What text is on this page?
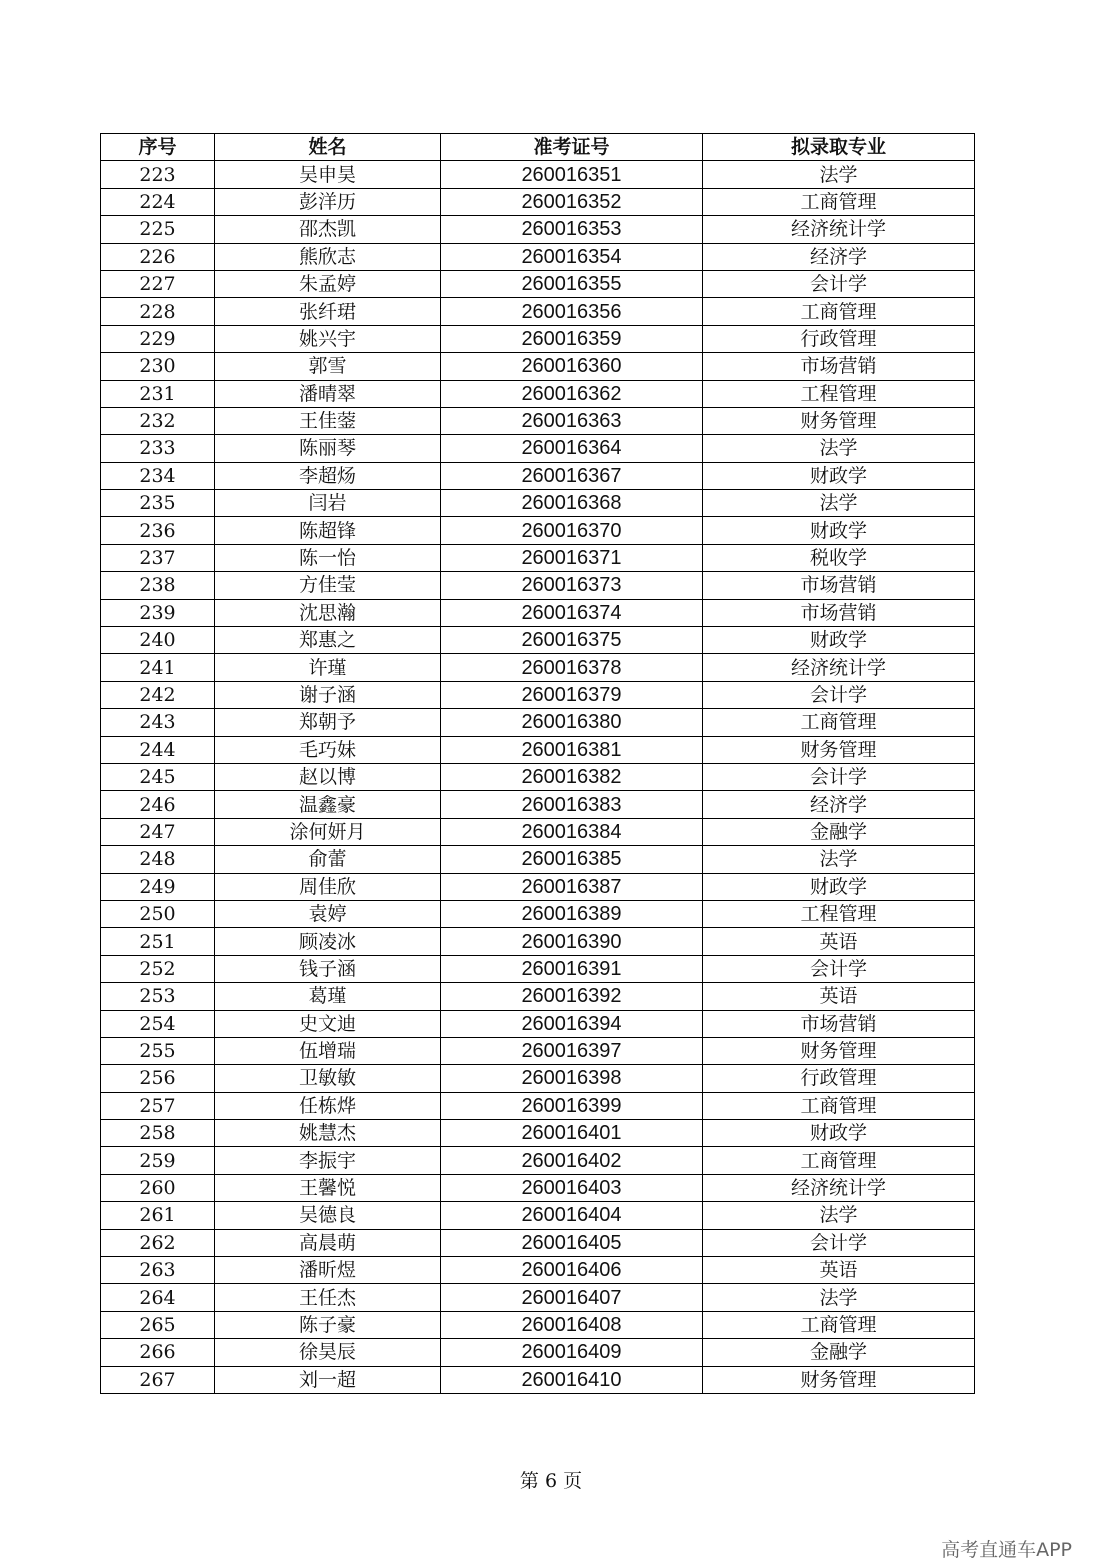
序号	姓名	准考证号	拟录取专业
223	吴申昊	260016351	法学
224	彭洋历	260016352	工商管理
225	邵杰凯	260016353	经济统计学
226	熊欣志	260016354	经济学
227	朱孟婷	260016355	会计学
228	张纤珺	260016356	工商管理
229	姚兴宇	260016359	行政管理
230	郭雪	260016360	市场营销
231	潘晴翠	260016362	工程管理
232	王佳蓥	260016363	财务管理
233	陈丽琴	260016364	法学
234	李超炀	260016367	财政学
235	闫岩	260016368	法学
236	陈超锋	260016370	财政学
237	陈一怡	260016371	税收学
238	方佳莹	260016373	市场营销
239	沈思瀚	260016374	市场营销
240	郑惠之	260016375	财政学
241	许瑾	260016378	经济统计学
242	谢子涵	260016379	会计学
243	郑朝予	260016380	工商管理
244	毛巧妹	260016381	财务管理
245	赵以博	260016382	会计学
246	温鑫豪	260016383	经济学
247	涂何妍月	260016384	金融学
248	俞蕾	260016385	法学
249	周佳欣	260016387	财政学
250	袁婷	260016389	工程管理
251	顾凌冰	260016390	英语
252	钱子涵	260016391	会计学
253	葛瑾	260016392	英语
254	史文迪	260016394	市场营销
255	伍增瑞	260016397	财务管理
256	卫敏敏	260016398	行政管理
257	任栋烨	260016399	工商管理
258	姚慧杰	260016401	财政学
259	李振宇	260016402	工商管理
260	王馨悦	260016403	经济统计学
261	吴德良	260016404	法学
262	高晨萌	260016405	会计学
263	潘昕煜	260016406	英语
264	王任杰	260016407	法学
265	陈子豪	260016408	工商管理
266	徐昊辰	260016409	金融学
267	刘一超	260016410	财务管理
第 6 页
高考直通车APP
